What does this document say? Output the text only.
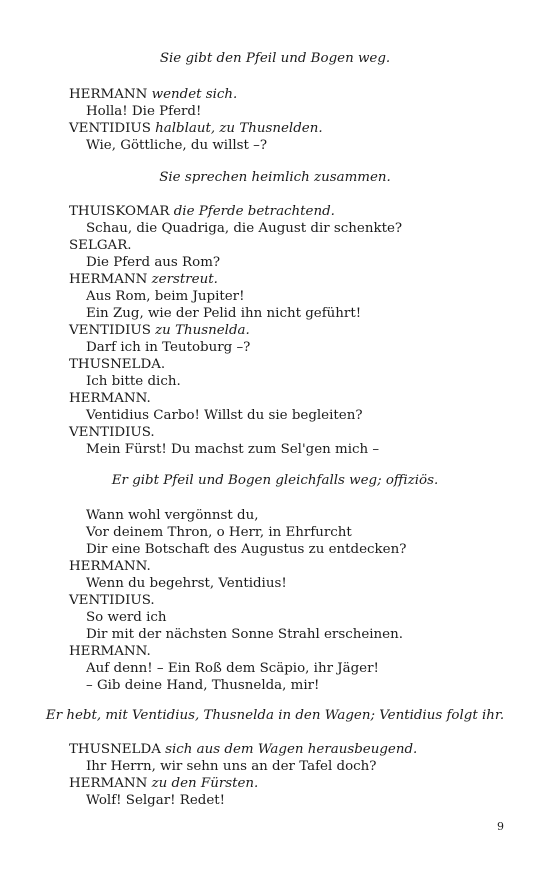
Sie gibt den Pfeil und Bogen weg.
HERMANN wendet sich.
Holla! Die Pferd!
VENTIDIUS halblaut, zu Thusnelden.
Wie, Göttliche, du willst –?
Sie sprechen heimlich zusammen.
THUISKOMAR die Pferde betrachtend.
Schau, die Quadriga, die August dir schenkte?
SELGAR.
Die Pferd aus Rom?
HERMANN zerstreut.
Aus Rom, beim Jupiter!
Ein Zug, wie der Pelid ihn nicht geführt!
VENTIDIUS zu Thusnelda.
Darf ich in Teutoburg –?
THUSNELDA.
Ich bitte dich.
HERMANN.
Ventidius Carbo! Willst du sie begleiten?
VENTIDIUS.
Mein Fürst! Du machst zum Sel'gen mich –
Er gibt Pfeil und Bogen gleichfalls weg; offiziös.
Wann wohl vergönnst du,
Vor deinem Thron, o Herr, in Ehrfurcht
Dir eine Botschaft des Augustus zu entdecken?
HERMANN.
Wenn du begehrst, Ventidius!
VENTIDIUS.
So werd ich
Dir mit der nächsten Sonne Strahl erscheinen.
HERMANN.
Auf denn! – Ein Roß dem Scäpio, ihr Jäger!
– Gib deine Hand, Thusnelda, mir!
Er hebt, mit Ventidius, Thusnelda in den Wagen; Ventidius folgt ihr.
THUSNELDA sich aus dem Wagen herausbeugend.
Ihr Herrn, wir sehn uns an der Tafel doch?
HERMANN zu den Fürsten.
Wolf! Selgar! Redet!
9
